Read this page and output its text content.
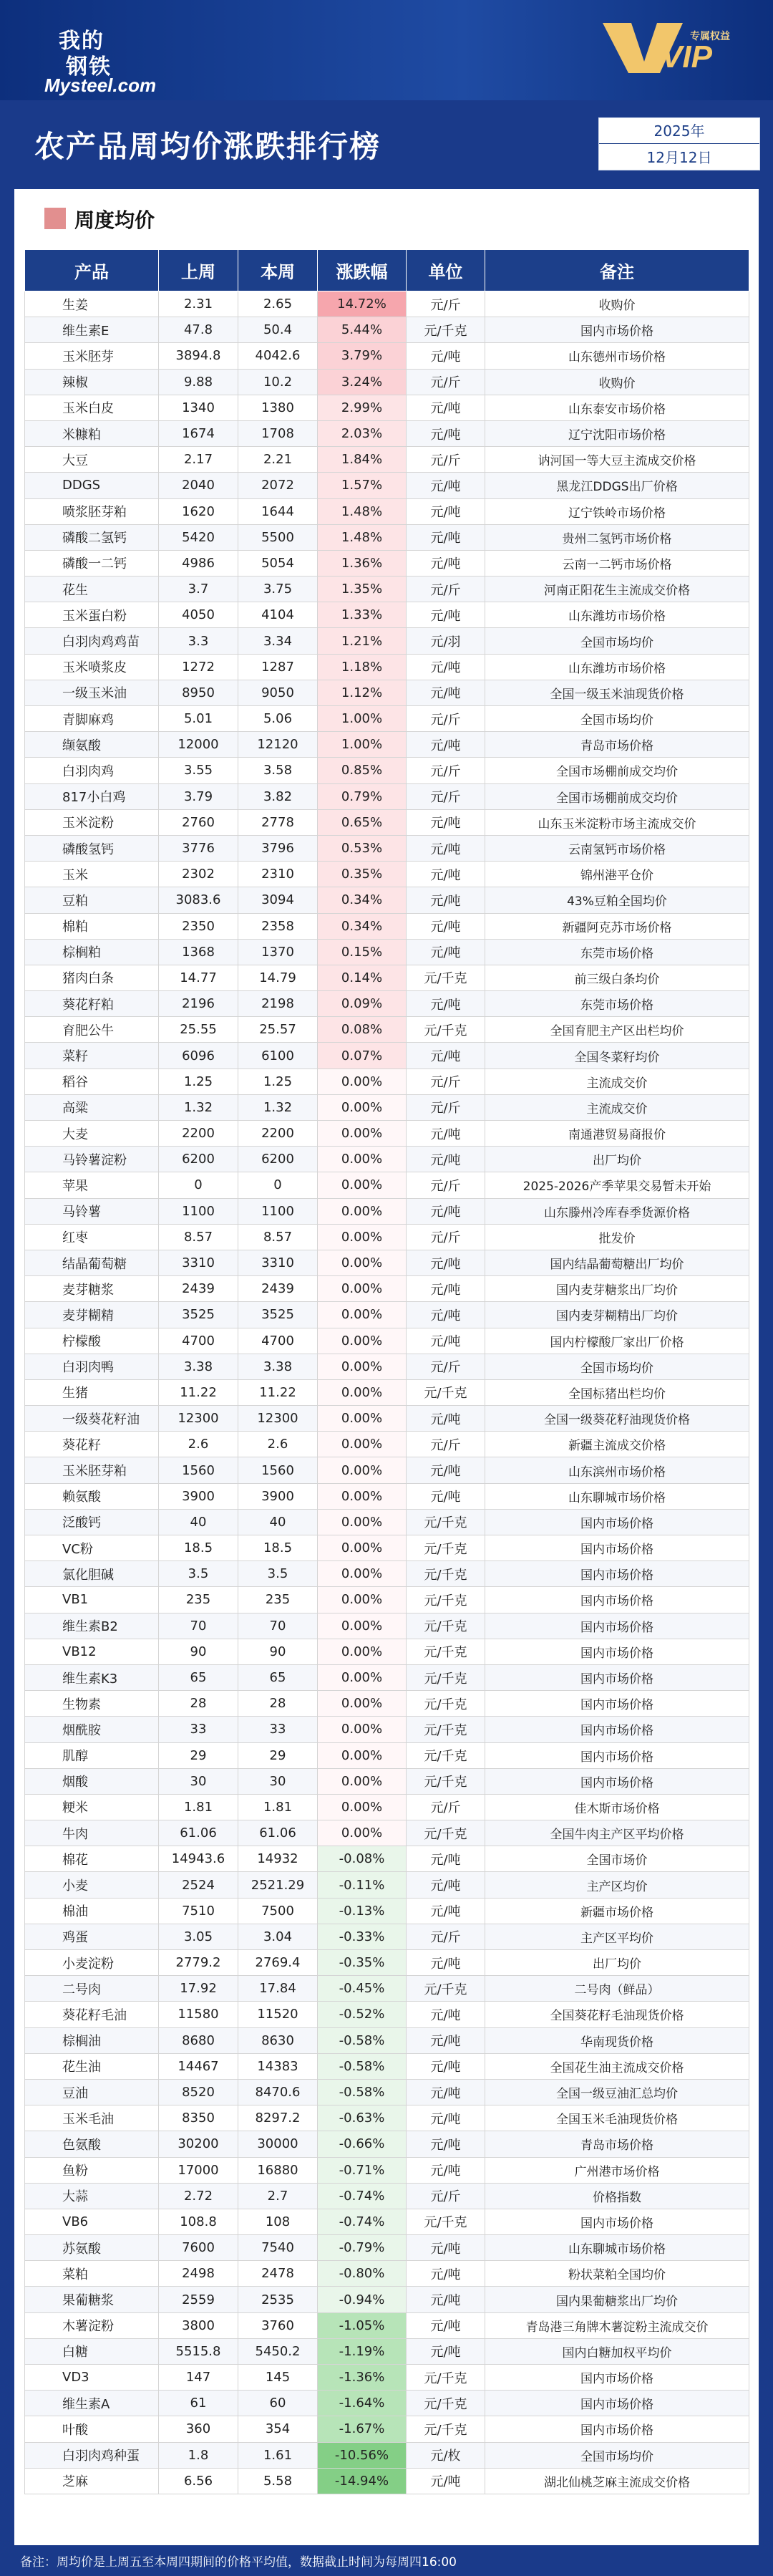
我的
钢铁
Mysteel.com
VIP
专属权益
农产品周均价涨跌排行榜	2025年
12月12日
周度均价
产品	上周	本周	涨跌幅	单位	备注
生姜	2.31	2.65	14.72%	元/斤	收购价
维生素E	47.8	50.4	5.44%	元/千克	国内市场价格
玉米胚芽	3894.8	4042.6	3.79%	元/吨	山东德州市场价格
辣椒	9.88	10.2	3.24%	元/斤	收购价
玉米白皮	1340	1380	2.99%	元/吨	山东泰安市场价格
米糠粕	1674	1708	2.03%	元/吨	辽宁沈阳市场价格
大豆	2.17	2.21	1.84%	元/斤	讷河国一等大豆主流成交价格
DDGS	2040	2072	1.57%	元/吨	黑龙江DDGS出厂价格
喷浆胚芽粕	1620	1644	1.48%	元/吨	辽宁铁岭市场价格
磷酸二氢钙	5420	5500	1.48%	元/吨	贵州二氢钙市场价格
磷酸一二钙	4986	5054	1.36%	元/吨	云南一二钙市场价格
花生	3.7	3.75	1.35%	元/斤	河南正阳花生主流成交价格
玉米蛋白粉	4050	4104	1.33%	元/吨	山东潍坊市场价格
白羽肉鸡鸡苗	3.3	3.34	1.21%	元/羽	全国市场均价
玉米喷浆皮	1272	1287	1.18%	元/吨	山东潍坊市场价格
一级玉米油	8950	9050	1.12%	元/吨	全国一级玉米油现货价格
青脚麻鸡	5.01	5.06	1.00%	元/斤	全国市场均价
缬氨酸	12000	12120	1.00%	元/吨	青岛市场价格
白羽肉鸡	3.55	3.58	0.85%	元/斤	全国市场棚前成交均价
817小白鸡	3.79	3.82	0.79%	元/斤	全国市场棚前成交均价
玉米淀粉	2760	2778	0.65%	元/吨	山东玉米淀粉市场主流成交价
磷酸氢钙	3776	3796	0.53%	元/吨	云南氢钙市场价格
玉米	2302	2310	0.35%	元/吨	锦州港平仓价
豆粕	3083.6	3094	0.34%	元/吨	43%豆粕全国均价
棉粕	2350	2358	0.34%	元/吨	新疆阿克苏市场价格
棕榈粕	1368	1370	0.15%	元/吨	东莞市场价格
猪肉白条	14.77	14.79	0.14%	元/千克	前三级白条均价
葵花籽粕	2196	2198	0.09%	元/吨	东莞市场价格
育肥公牛	25.55	25.57	0.08%	元/千克	全国育肥主产区出栏均价
菜籽	6096	6100	0.07%	元/吨	全国冬菜籽均价
稻谷	1.25	1.25	0.00%	元/斤	主流成交价
高粱	1.32	1.32	0.00%	元/斤	主流成交价
大麦	2200	2200	0.00%	元/吨	南通港贸易商报价
马铃薯淀粉	6200	6200	0.00%	元/吨	出厂均价
苹果	0	0	0.00%	元/斤	2025-2026产季苹果交易暂未开始
马铃薯	1100	1100	0.00%	元/吨	山东滕州冷库春季货源价格
红枣	8.57	8.57	0.00%	元/斤	批发价
结晶葡萄糖	3310	3310	0.00%	元/吨	国内结晶葡萄糖出厂均价
麦芽糖浆	2439	2439	0.00%	元/吨	国内麦芽糖浆出厂均价
麦芽糊精	3525	3525	0.00%	元/吨	国内麦芽糊精出厂均价
柠檬酸	4700	4700	0.00%	元/吨	国内柠檬酸厂家出厂价格
白羽肉鸭	3.38	3.38	0.00%	元/斤	全国市场均价
生猪	11.22	11.22	0.00%	元/千克	全国标猪出栏均价
一级葵花籽油	12300	12300	0.00%	元/吨	全国一级葵花籽油现货价格
葵花籽	2.6	2.6	0.00%	元/斤	新疆主流成交价格
玉米胚芽粕	1560	1560	0.00%	元/吨	山东滨州市场价格
赖氨酸	3900	3900	0.00%	元/吨	山东聊城市场价格
泛酸钙	40	40	0.00%	元/千克	国内市场价格
VC粉	18.5	18.5	0.00%	元/千克	国内市场价格
氯化胆碱	3.5	3.5	0.00%	元/千克	国内市场价格
VB1	235	235	0.00%	元/千克	国内市场价格
维生素B2	70	70	0.00%	元/千克	国内市场价格
VB12	90	90	0.00%	元/千克	国内市场价格
维生素K3	65	65	0.00%	元/千克	国内市场价格
生物素	28	28	0.00%	元/千克	国内市场价格
烟酰胺	33	33	0.00%	元/千克	国内市场价格
肌醇	29	29	0.00%	元/千克	国内市场价格
烟酸	30	30	0.00%	元/千克	国内市场价格
粳米	1.81	1.81	0.00%	元/斤	佳木斯市场价格
牛肉	61.06	61.06	0.00%	元/千克	全国牛肉主产区平均价格
棉花	14943.6	14932	-0.08%	元/吨	全国市场价
小麦	2524	2521.29	-0.11%	元/吨	主产区均价
棉油	7510	7500	-0.13%	元/吨	新疆市场价格
鸡蛋	3.05	3.04	-0.33%	元/斤	主产区平均价
小麦淀粉	2779.2	2769.4	-0.35%	元/吨	出厂均价
二号肉	17.92	17.84	-0.45%	元/千克	二号肉（鲜品）
葵花籽毛油	11580	11520	-0.52%	元/吨	全国葵花籽毛油现货价格
棕榈油	8680	8630	-0.58%	元/吨	华南现货价格
花生油	14467	14383	-0.58%	元/吨	全国花生油主流成交价格
豆油	8520	8470.6	-0.58%	元/吨	全国一级豆油汇总均价
玉米毛油	8350	8297.2	-0.63%	元/吨	全国玉米毛油现货价格
色氨酸	30200	30000	-0.66%	元/吨	青岛市场价格
鱼粉	17000	16880	-0.71%	元/吨	广州港市场价格
大蒜	2.72	2.7	-0.74%	元/斤	价格指数
VB6	108.8	108	-0.74%	元/千克	国内市场价格
苏氨酸	7600	7540	-0.79%	元/吨	山东聊城市场价格
菜粕	2498	2478	-0.80%	元/吨	粉状菜粕全国均价
果葡糖浆	2559	2535	-0.94%	元/吨	国内果葡糖浆出厂均价
木薯淀粉	3800	3760	-1.05%	元/吨	青岛港三角牌木薯淀粉主流成交价
白糖	5515.8	5450.2	-1.19%	元/吨	国内白糖加权平均价
VD3	147	145	-1.36%	元/千克	国内市场价格
维生素A	61	60	-1.64%	元/千克	国内市场价格
叶酸	360	354	-1.67%	元/千克	国内市场价格
白羽肉鸡种蛋	1.8	1.61	-10.56%	元/枚	全国市场均价
芝麻	6.56	5.58	-14.94%	元/吨	湖北仙桃芝麻主流成交价格
备注：周均价是上周五至本周四期间的价格平均值，数据截止时间为每周四16:00
